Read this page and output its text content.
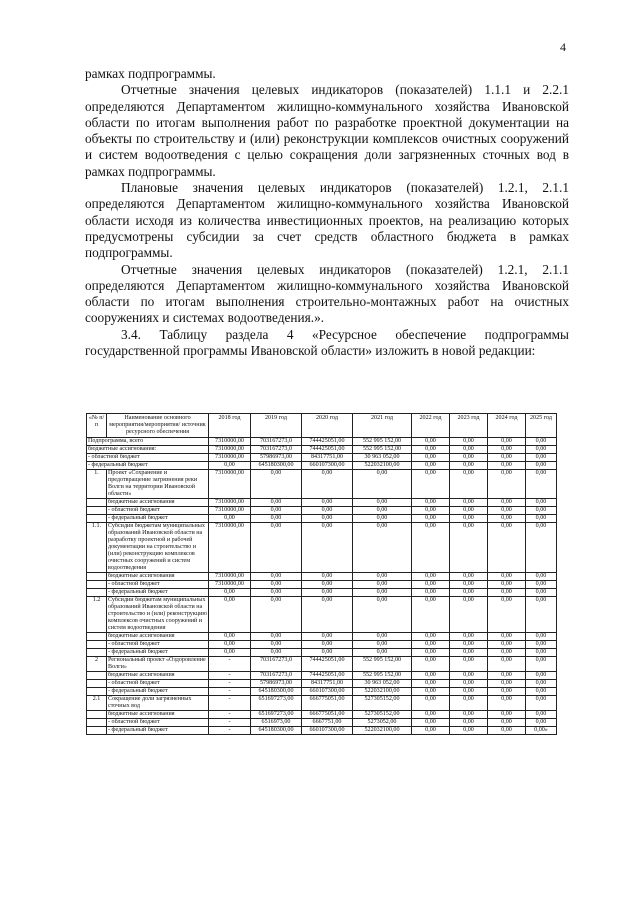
4

рамках подпрограммы.

Отчетные значения целевых индикаторов (показателей) 1.1.1 и 2.2.1 определяются Департаментом жилищно-коммунального хозяйства Ивановской области по итогам выполнения работ по разработке проектной документации на объекты по строительству и (или) реконструкции комплексов очистных сооружений и систем водоотведения с целью сокращения доли загрязненных сточных вод в рамках подпрограммы.

Плановые значения целевых индикаторов (показателей) 1.2.1, 2.1.1 определяются Департаментом жилищно-коммунального хозяйства Ивановской области исходя из количества инвестиционных проектов, на реализацию которых предусмотрены субсидии за счет средств областного бюджета в рамках подпрограммы.

Отчетные значения целевых индикаторов (показателей) 1.2.1, 2.1.1 определяются Департаментом жилищно-коммунального хозяйства Ивановской области по итогам выполнения строительно-монтажных работ на очистных сооружениях и системах водоотведения.».

3.4. Таблицу раздела 4 «Ресурсное обеспечение подпрограммы государственной программы Ивановской области» изложить в новой редакции:

«№ п/п	Наименование основного мероприятия/мероприятия/ источник ресурсного обеспечения	2018 год	2019 год	2020 год	2021 год	2022 год	2023 год	2024 год	2025 год
Подпрограмма, всего		7310000,00	703167273,0	744425051,00	552 995 152,00	0,00	0,00	0,00	0,00
бюджетные ассигнования:		7310000,00	703167273,0	744425051,00	552 995 152,00	0,00	0,00	0,00	0,00
- областной бюджет		7310000,00	57986973,00	84317751,00	30 963 052,00	0,00	0,00	0,00	0,00
- федеральный бюджет		0,00	645180300,00	660107300,00	522032100,00	0,00	0,00	0,00	0,00
1.	Проект «Сохранение и предотвращение загрязнения реки Волги на территории Ивановской области»	7310000,00	0,00	0,00	0,00	0,00	0,00	0,00	0,00
	бюджетные ассигнования	7310000,00	0,00	0,00	0,00	0,00	0,00	0,00	0,00
	- областной бюджет	7310000,00	0,00	0,00	0,00	0,00	0,00	0,00	0,00
	- федеральный бюджет	0,00	0,00	0,00	0,00	0,00	0,00	0,00	0,00
1.1.	Субсидия бюджетам муниципальных образований Ивановской области на разработку проектной и рабочей документации на строительство и (или) реконструкцию комплексов очистных сооружений и систем водоотведения	7310000,00	0,00	0,00	0,00	0,00	0,00	0,00	0,00
	бюджетные ассигнования	7310000,00	0,00	0,00	0,00	0,00	0,00	0,00	0,00
	- областной бюджет	7310000,00	0,00	0,00	0,00	0,00	0,00	0,00	0,00
	- федеральный бюджет	0,00	0,00	0,00	0,00	0,00	0,00	0,00	0,00
1.2	Субсидии бюджетам муниципальных образований Ивановской области на строительство и (или) реконструкцию комплексов очистных сооружений и систем водоотведения	0,00	0,00	0,00	0,00	0,00	0,00	0,00	0,00
	бюджетные ассигнования	0,00	0,00	0,00	0,00	0,00	0,00	0,00	0,00
	- областной бюджет	0,00	0,00	0,00	0,00	0,00	0,00	0,00	0,00
	- федеральный бюджет	0,00	0,00	0,00	0,00	0,00	0,00	0,00	0,00
2	Региональный проект «Оздоровление Волги»	-	703167273,0	744425051,00	552 995 152,00	0,00	0,00	0,00	0,00
	бюджетные ассигнования	-	703167273,0	744425051,00	552 995 152,00	0,00	0,00	0,00	0,00
	- областной бюджет	-	57986973,00	84317751,00	30 963 052,00	0,00	0,00	0,00	0,00
	- федеральный бюджет	-	645180300,00	660107300,00	522032100,00	0,00	0,00	0,00	0,00
2.1	Сокращение доли загрязненных сточных вод	-	651697273,00	666775051,00	527305152,00	0,00	0,00	0,00	0,00
	бюджетные ассигнования	-	651697273,00	666775051,00	527305152,00	0,00	0,00	0,00	0,00
	- областной бюджет	-	6516973,00	6667751,00	5273052,00	0,00	0,00	0,00	0,00
	- федеральный бюджет	-	645180300,00	660107300,00	522032100,00	0,00	0,00	0,00	0,00»
